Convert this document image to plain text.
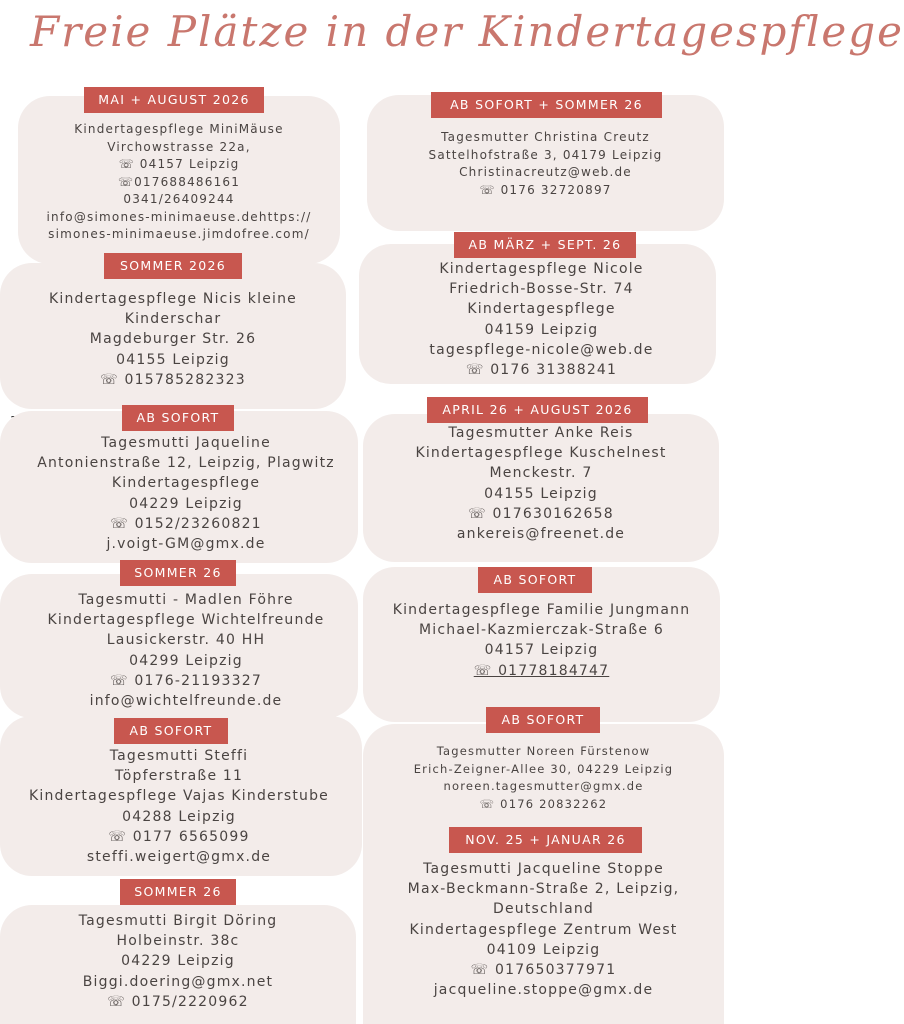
Freie Plätze in der Kindertagespflege
MAI + AUGUST 2026
Kindertagespflege MiniMäuse
Virchowstrasse 22a,
☏ 04157 Leipzig
☏017688486161
0341/26409244
info@simones-minimaeuse.dehttps://
simones-minimaeuse.jimdofree.com/
SOMMER 2026
Kindertagespflege Nicis kleine
Kinderschar
Magdeburger Str. 26
04155 Leipzig
☏ 015785282323
AB SOFORT
Tagesmutti Jaqueline
Antonienstraße 12, Leipzig, Plagwitz
Kindertagespflege
04229 Leipzig
☏ 0152/23260821
j.voigt-GM@gmx.de
SOMMER 26
Tagesmutti - Madlen Föhre
Kindertagespflege Wichtelfreunde
Lausickerstr. 40 HH
04299 Leipzig
☏ 0176-21193327
info@wichtelfreunde.de
AB SOFORT
Tagesmutti Steffi
Töpferstraße 11
Kindertagespflege Vajas Kinderstube
04288 Leipzig
☏ 0177 6565099
steffi.weigert@gmx.de
SOMMER 26
Tagesmutti Birgit Döring
Holbeinstr. 38c
04229 Leipzig
Biggi.doering@gmx.net
☏ 0175/2220962
AB SOFORT + SOMMER 26
Tagesmutter Christina Creutz
Sattelhofstraße 3, 04179 Leipzig
Christinacreutz@web.de
☏ 0176 32720897
AB MÄRZ + SEPT. 26
Kindertagespflege Nicole
Friedrich-Bosse-Str. 74
Kindertagespflege
04159 Leipzig
tagespflege-nicole@web.de
☏ 0176 31388241
APRIL 26 + AUGUST 2026
Tagesmutter Anke Reis
Kindertagespflege Kuschelnest
Menckestr. 7
04155 Leipzig
☏ 017630162658
ankereis@freenet.de
AB SOFORT
Kindertagespflege Familie Jungmann
Michael-Kazmierczak-Straße 6
04157 Leipzig
☏ 01778184747
AB SOFORT
Tagesmutter Noreen Fürstenow
Erich-Zeigner-Allee 30, 04229 Leipzig
noreen.tagesmutter@gmx.de
☏ 0176 20832262
NOV. 25 + JANUAR 26
Tagesmutti Jacqueline Stoppe
Max-Beckmann-Straße 2, Leipzig,
Deutschland
Kindertagespflege Zentrum West
04109 Leipzig
☏ 017650377971
jacqueline.stoppe@gmx.de
